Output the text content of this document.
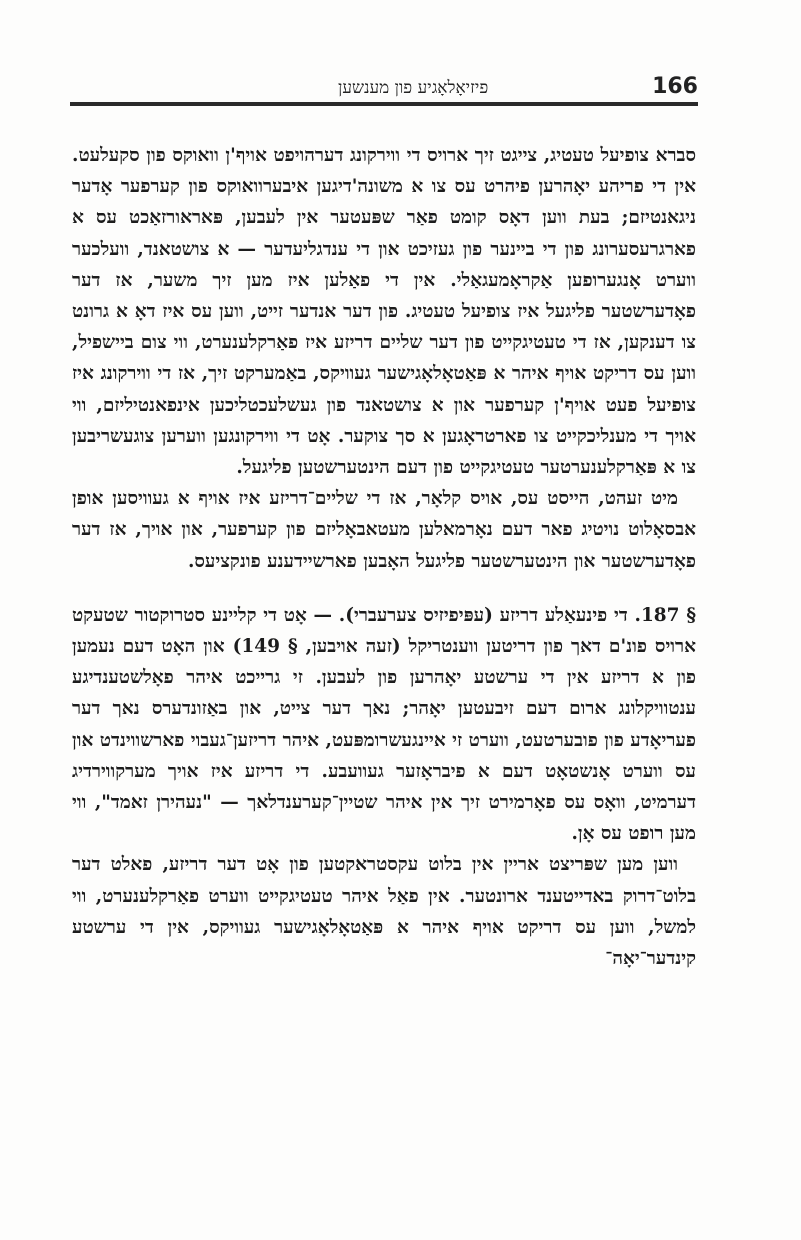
166
פיזיאָלאָגיע פון מענשען

סברא צופיעל טעטיג, צייגט זיך ארויס די ווירקונג דערהויפט אויף'ן וואוקס פון סקעלעט. אין די פריהע יאָהרען פיהרט עס צו א משונה'דיגען איבערוואוקס פון קערפער אָדער ניגאנטיזם; בעת ווען דאָס קומט פאַר שפּעטער אין לעבען, פּאראורזאַכט עס א פארגרעסערונג פון די ביינער פון געזיכט און די ענדגליעדער — א צושטאנד, וועלכער ווערט אָנגערופען אַקראָמעגאַלי. אין די פאַלען איז מען זיך משער, אז דער פאָדערשטער פליגעל איז צופיעל טעטיג. פון דער אנדער זייט, ווען עס איז דאָ א גרונט צו דענקען, אז די טעטיגקייט פון דער שליים דריזע איז פאַרקלענערט, ווי צום ביישפיל, ווען עס דריקט אויף איהר א פּאַטאָלאָגישער געוויקס, באַמערקט זיך, אז די ווירקונג איז צופיעל פעט אויף'ן קערפער און א צושטאנד פון געשלעכטליכען אינפאנטיליזם, ווי אויך די מענליכקייט צו פארטראָגען א סך צוקער. אָט די ווירקונגען ווערען צוגעשריבען צו א פּאַרקלענערטער טעטיגקייט פון דעם הינטערשטען פליגעל.

מיט זעהט, הייסט עס, אויס קלאָר, אז די שליים־דריזע איז אויף א געוויסען אופן אבסאָלוט נויטיג פאר דעם נאָרמאלען מעטאבאָליזם פון קערפער, און אויך, אז דער פאָדערשטער און הינטערשטער פליגעל האָבען פארשיידענע פונקציעס.

§ 187. די פינעאַלע דריזע (עפּיפיזיס צערעברי). — אָט די קליינע סטרוקטור שטעקט ארויס פונ'ם דאך פון דריטען ווענטריקל (זעה אויבען, § 149) און האָט דעם נעמען פון א דריזע אין די ערשטע יאָהרען פון לעבען. זי גרייכט איהר פאָלשטענדיגע ענטוויקלונג ארום דעם זיבעטען יאָהר; נאך דער צייט, און באַזונדערס נאך דער פעריאָדע פון פובערטעט, ווערט זי איינגעשרומפּעט, איהר דריזען־געבוי פארשווינדט און עס ווערט אָנשטאָט דעם א פיבראָזער געוועבע. די דריזע איז אויך מערקווירדיג דערמיט, וואָס עס פאָרמירט זיך אין איהר שטיין־קערענדלאך — "נעהירן זאמד", ווי מען רופט עס אָן.

ווען מען שפּריצט אריין אין בלוט עקסטראקטען פון אָט דער דריזע, פאלט דער בלוט־דרוק באדייטענד ארונטער. אין פאַל איהר טעטיגקייט ווערט פאַרקלענערט, ווי למשל, ווען עס דריקט אויף איהר א פּאַטאָלאָגישער געוויקס, אין די ערשטע קינדער־יאָה־
